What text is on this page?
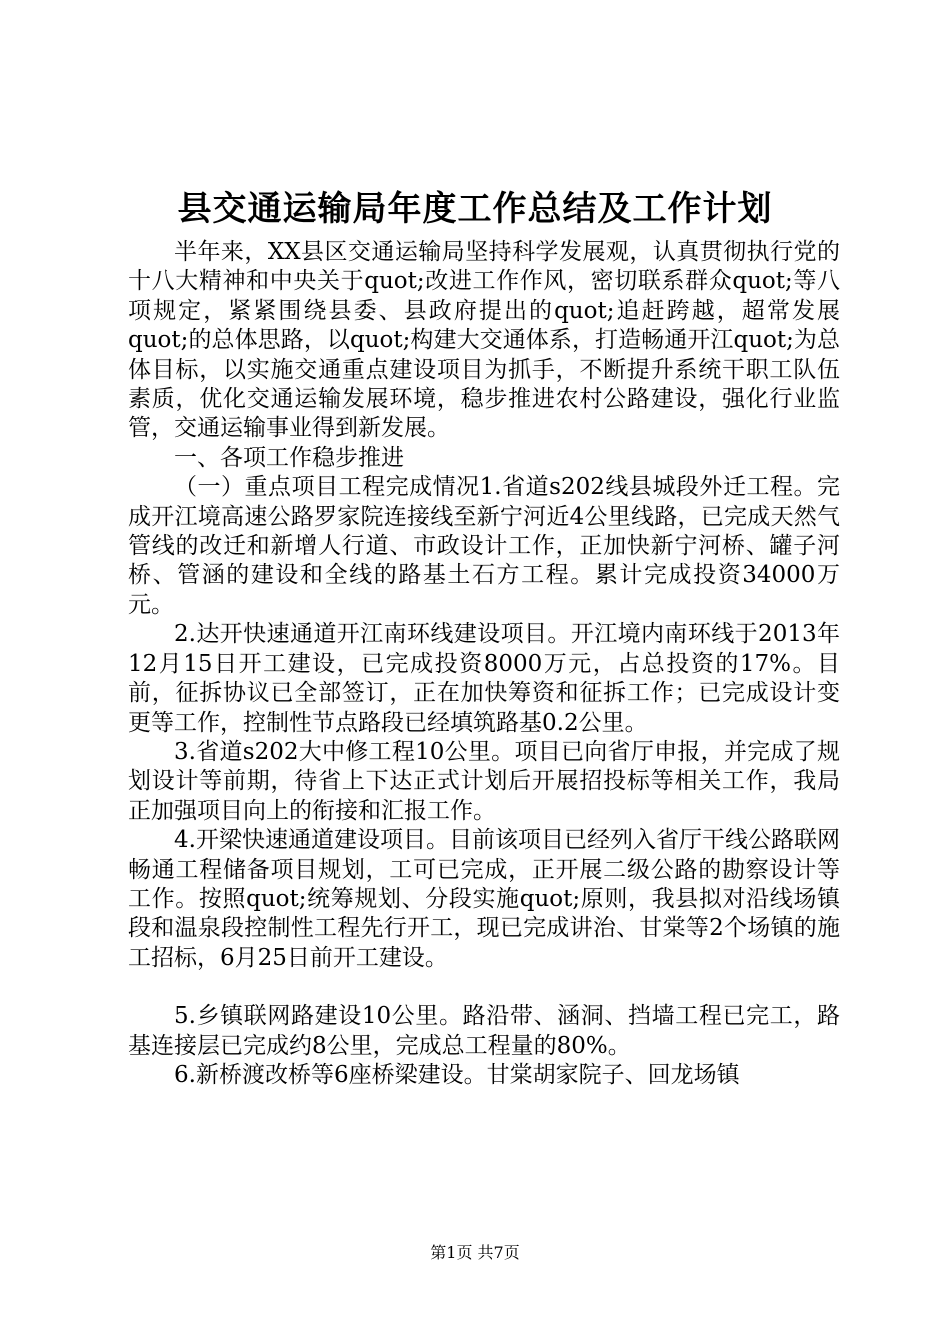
县交通运输局年度工作总结及工作计划

半年来，XX县区交通运输局坚持科学发展观，认真贯彻执行党的十八大精神和中央关于quot;改进工作作风，密切联系群众quot;等八项规定，紧紧围绕县委、县政府提出的quot;追赶跨越，超常发展quot;的总体思路，以quot;构建大交通体系，打造畅通开江quot;为总体目标，以实施交通重点建设项目为抓手，不断提升系统干职工队伍素质，优化交通运输发展环境，稳步推进农村公路建设，强化行业监管，交通运输事业得到新发展。

一、各项工作稳步推进

（一）重点项目工程完成情况1.省道s202线县城段外迁工程。完成开江境高速公路罗家院连接线至新宁河近4公里线路，已完成天然气管线的改迁和新增人行道、市政设计工作，正加快新宁河桥、罐子河桥、管涵的建设和全线的路基土石方工程。累计完成投资34000万元。

2.达开快速通道开江南环线建设项目。开江境内南环线于2013年12月15日开工建设，已完成投资8000万元，占总投资的17%。目前，征拆协议已全部签订，正在加快筹资和征拆工作；已完成设计变更等工作，控制性节点路段已经填筑路基0.2公里。

3.省道s202大中修工程10公里。项目已向省厅申报，并完成了规划设计等前期，待省上下达正式计划后开展招投标等相关工作，我局正加强项目向上的衔接和汇报工作。

4.开梁快速通道建设项目。目前该项目已经列入省厅干线公路联网畅通工程储备项目规划，工可已完成，正开展二级公路的勘察设计等工作。按照quot;统筹规划、分段实施quot;原则，我县拟对沿线场镇段和温泉段控制性工程先行开工，现已完成讲治、甘棠等2个场镇的施工招标，6月25日前开工建设。

5.乡镇联网路建设10公里。路沿带、涵洞、挡墙工程已完工，路基连接层已完成约8公里，完成总工程量的80%。

6.新桥渡改桥等6座桥梁建设。甘棠胡家院子、回龙场镇

第1页 共7页
